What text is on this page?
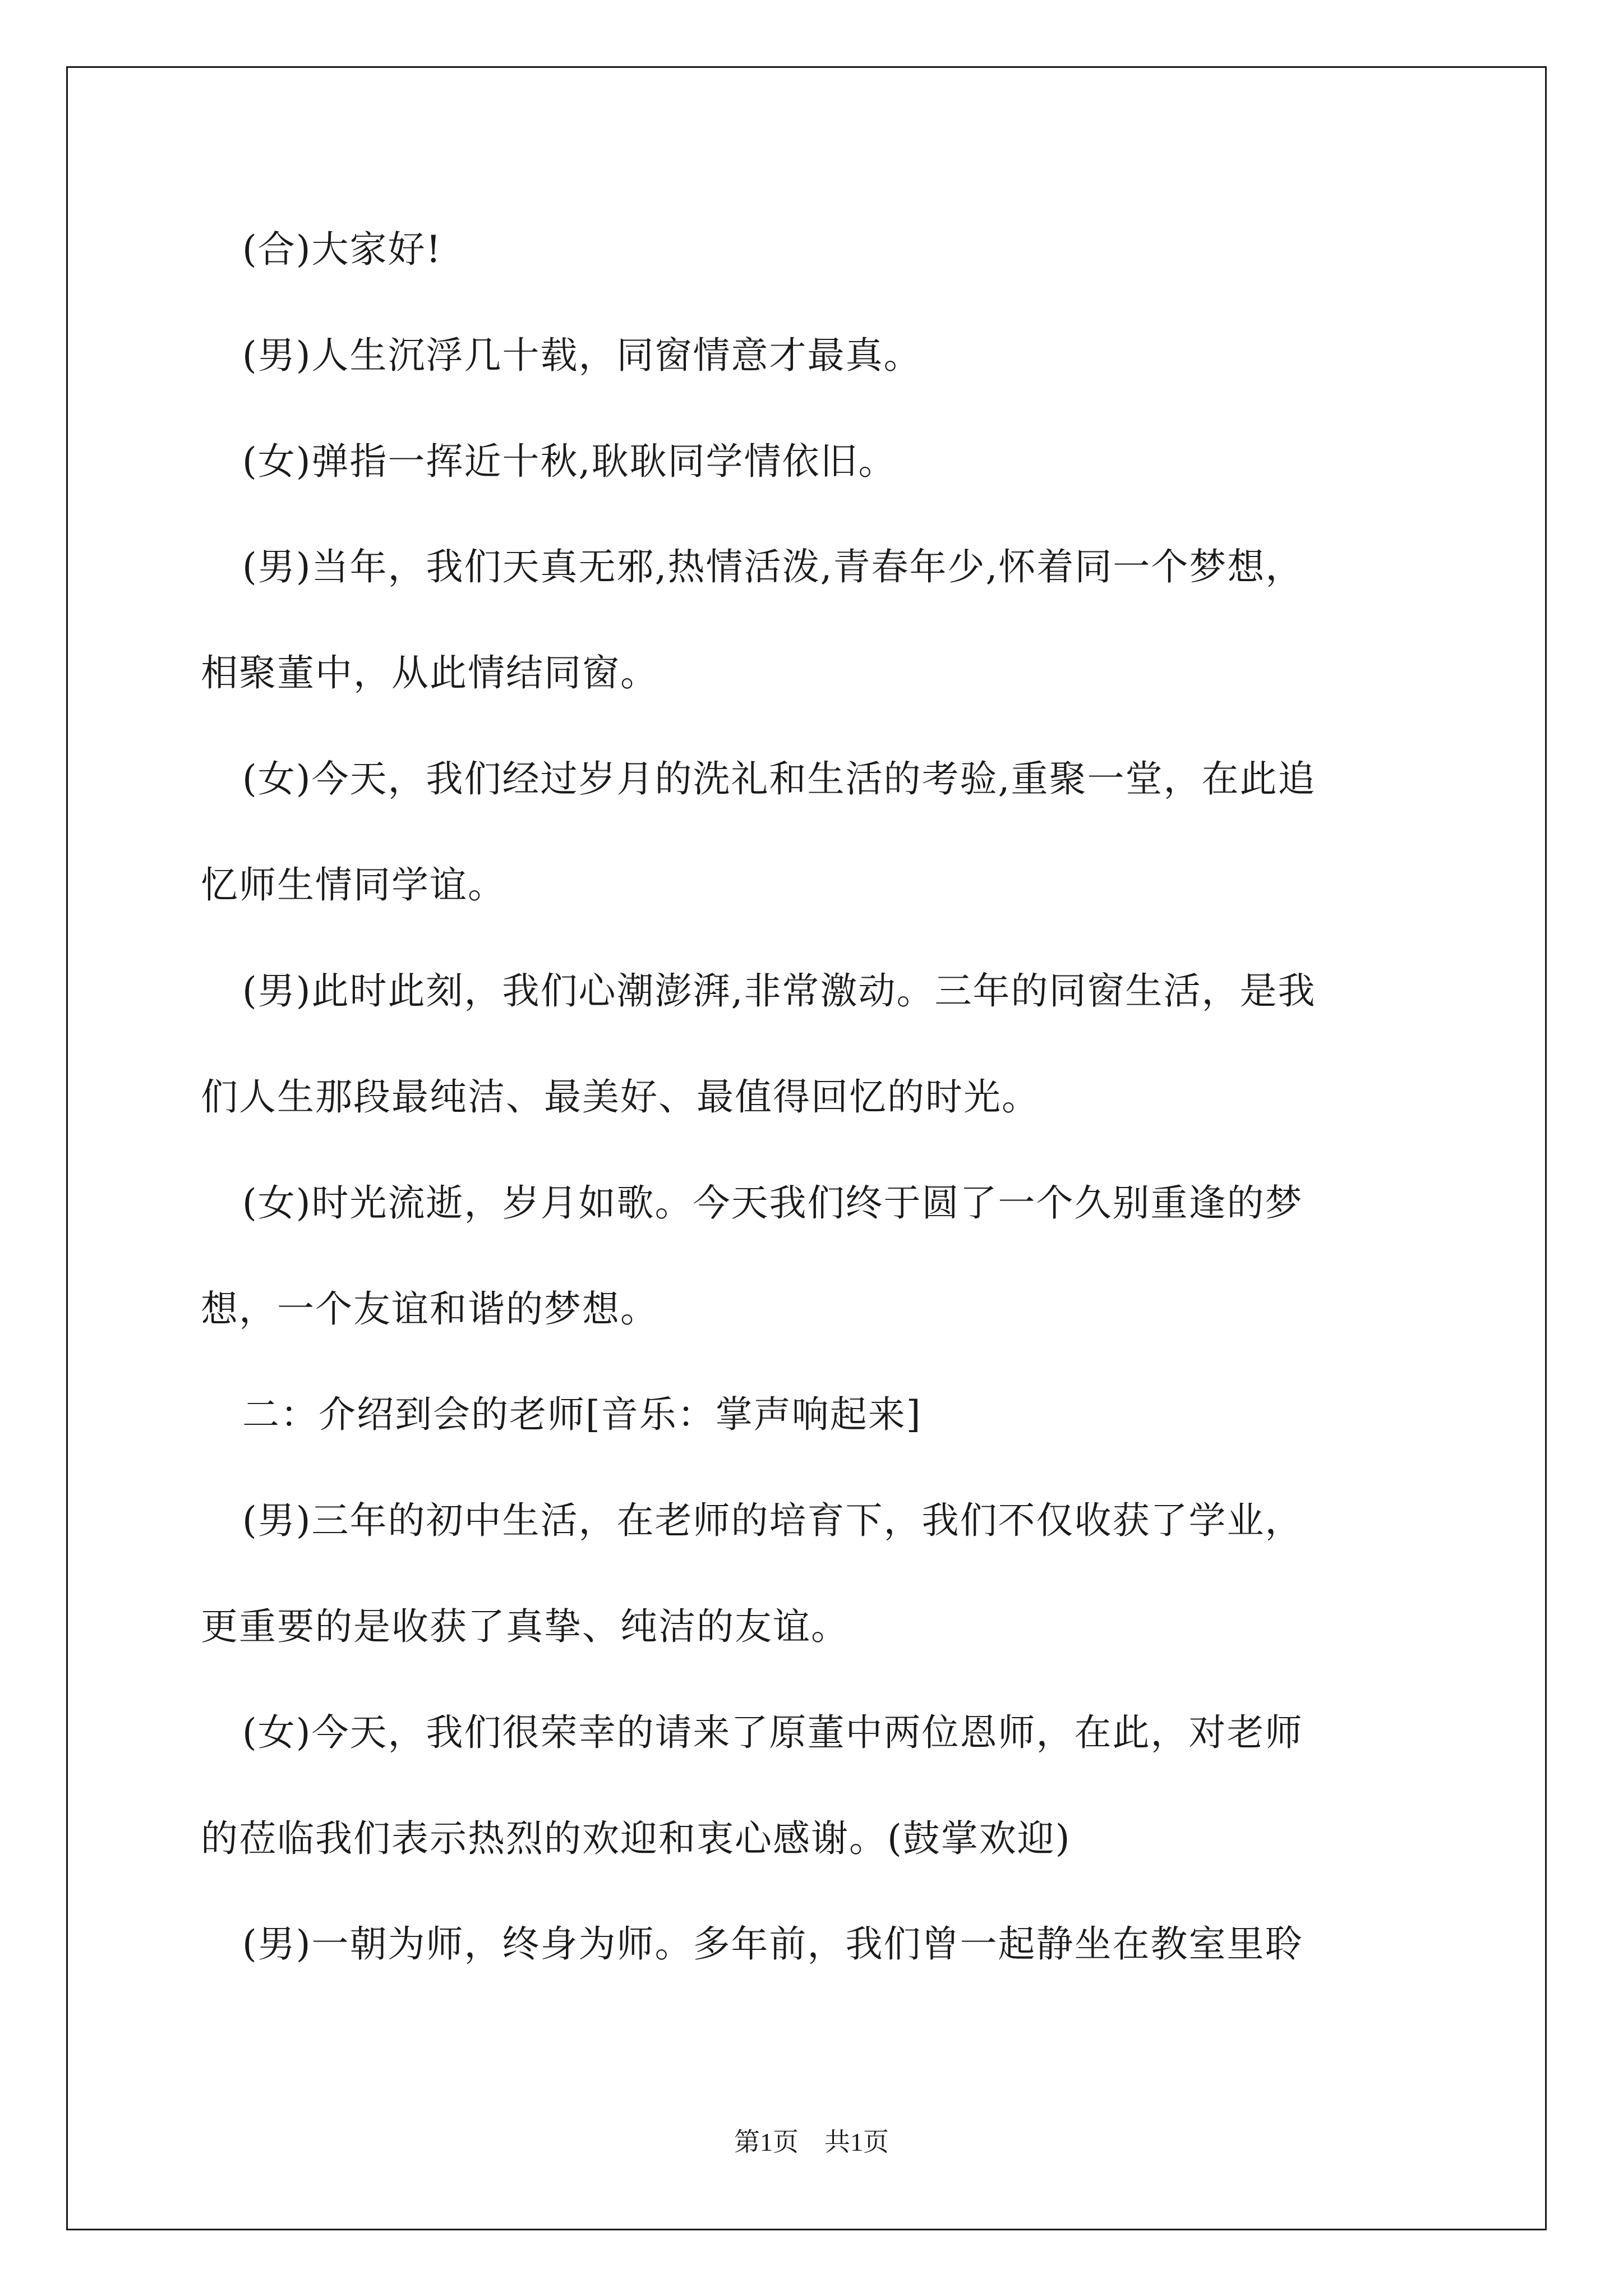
(合)大家好!
(男)人生沉浮几十载，同窗情意才最真。
(女)弹指一挥近十秋,耿耿同学情依旧。
(男)当年，我们天真无邪,热情活泼,青春年少,怀着同一个梦想，
相聚董中，从此情结同窗。
(女)今天，我们经过岁月的洗礼和生活的考验,重聚一堂，在此追
忆师生情同学谊。
(男)此时此刻，我们心潮澎湃,非常激动。三年的同窗生活，是我
们人生那段最纯洁、最美好、最值得回忆的时光。
(女)时光流逝，岁月如歌。今天我们终于圆了一个久别重逢的梦
想，一个友谊和谐的梦想。
二：介绍到会的老师[音乐：掌声响起来]
(男)三年的初中生活，在老师的培育下，我们不仅收获了学业，
更重要的是收获了真挚、纯洁的友谊。
(女)今天，我们很荣幸的请来了原董中两位恩师，在此，对老师
的莅临我们表示热烈的欢迎和衷心感谢。(鼓掌欢迎)
(男)一朝为师，终身为师。多年前，我们曾一起静坐在教室里聆
第1页　共1页
